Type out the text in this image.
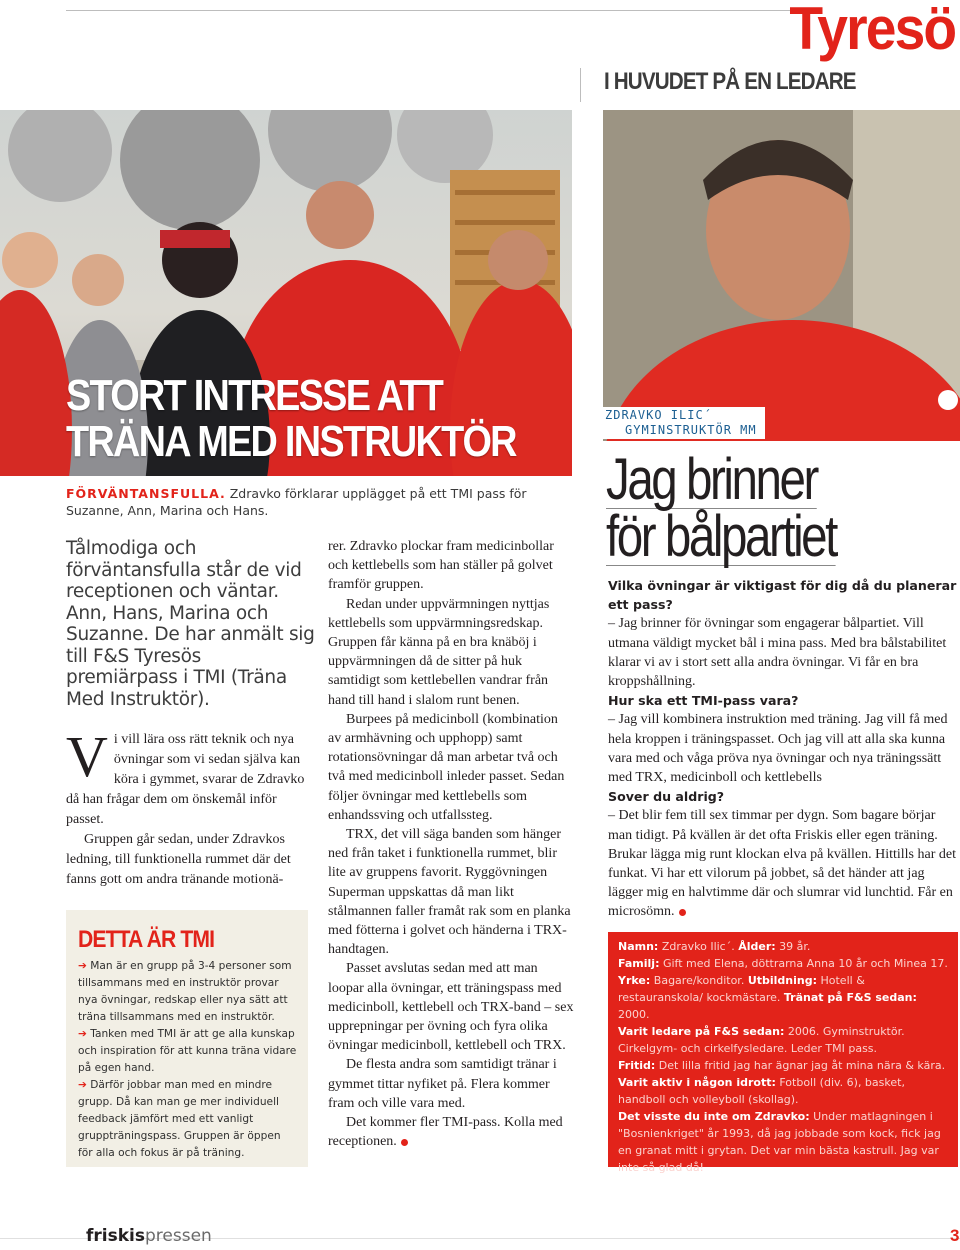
Tyresö
I HUVUDET PÅ EN LEDARE
STORT INTRESSE ATT
TRÄNA MED INSTRUKTÖR
ZDRAVKO ILIC´
GYMINSTRUKTÖR MM
FÖRVÄNTANSFULLA. Zdravko förklarar upplägget på ett TMI pass för Suzanne, Ann, Marina och Hans.
Tålmodiga och förväntansfulla står de vid receptionen och väntar. Ann, Hans, Marina och Suzanne. De har anmält sig till F&S Tyresös premiärpass i TMI (Träna Med Instruktör).

Vi vill lära oss rätt teknik och nya övningar som vi sedan själva kan köra i gymmet, svarar de Zdravko då han frågar dem om önskemål inför passet.

Gruppen går sedan, under Zdravkos ledning, till funktionella rummet där det fanns gott om andra tränande motionä-

DETTA ÄR TMI

➔ Man är en grupp på 3-4 personer som tillsammans med en instruktör provar nya övningar, redskap eller nya sätt att träna tillsammans med en instruktör.

➔ Tanken med TMI är att ge alla kunskap och inspiration för att kunna träna vidare på egen hand.

➔ Därför jobbar man med en mindre grupp. Då kan man ge mer individuell feedback jämfört med ett vanligt gruppträningspass. Gruppen är öppen för alla och fokus är på träning.

rer. Zdravko plockar fram medicinbollar och kettlebells som han ställer på golvet framför gruppen.

Redan under uppvärmningen nyttjas kettlebells som uppvärmningsredskap. Gruppen får känna på en bra knäböj i uppvärmningen då de sitter på huk samtidigt som kettlebellen vandrar från hand till hand i slalom runt benen.

Burpees på medicinboll (kombination av armhävning och upphopp) samt rotationsövningar då man arbetar två och två med medicinboll inleder passet. Sedan följer övningar med kettlebells som enhandssving och utfallssteg.

TRX, det vill säga banden som hänger ned från taket i funktionella rummet, blir lite av gruppens favorit. Ryggövningen Superman uppskattas då man likt stålmannen faller framåt rak som en planka med fötterna i golvet och händerna i TRX-handtagen.

Passet avslutas sedan med att man loopar alla övningar, ett träningspass med medicinboll, kettlebell och TRX-band – sex upprepningar per övning och fyra olika övningar medicinboll, kettlebell och TRX.

De flesta andra som samtidigt tränar i gymmet tittar nyfiket på. Flera kommer fram och ville vara med.

Det kommer fler TMI-pass. Kolla med receptionen.

Jag brinner
för bålpartiet
Vilka övningar är viktigast för dig då du planerar ett pass?
– Jag brinner för övningar som engagerar bålpartiet. Vill utmana väldigt mycket bål i mina pass. Med bra bålstabilitet klarar vi av i stort sett alla andra övningar. Vi får en bra kroppshållning.
Hur ska ett TMI-pass vara?
– Jag vill kombinera instruktion med träning. Jag vill få med hela kroppen i träningspasset. Och jag vill att alla ska kunna vara med och våga pröva nya övningar och nya träningssätt med TRX, medicinboll och kettlebells
Sover du aldrig?
– Det blir fem till sex timmar per dygn. Som bagare börjar man tidigt. På kvällen är det ofta Friskis eller egen träning. Brukar lägga mig runt klockan elva på kvällen. Hittills har det funkat. Vi har ett vilorum på jobbet, så det händer att jag lägger mig en halvtimme där och slumrar vid lunchtid. Får en microsömn.
Namn: Zdravko Ilic´. Ålder: 39 år.
Familj: Gift med Elena, döttrarna Anna 10 år och Minea 17.
Yrke: Bagare/konditor. Utbildning: Hotell & restauranskola/ kockmästare. Tränat på F&S sedan: 2000.
Varit ledare på F&S sedan: 2006. Gyminstruktör. Cirkelgym- och cirkelfysledare. Leder TMI pass.
Fritid: Det lilla fritid jag har ägnar jag åt mina nära & kära.
Varit aktiv i någon idrott: Fotboll (div. 6), basket, handboll och volleyboll (skollag).
Det visste du inte om Zdravko: Under matlagningen i "Bosnienkriget" år 1993, då jag jobbade som kock, fick jag en granat mitt i grytan. Det var min bästa kastrull. Jag var inte så glad då!
friskispressen	3
